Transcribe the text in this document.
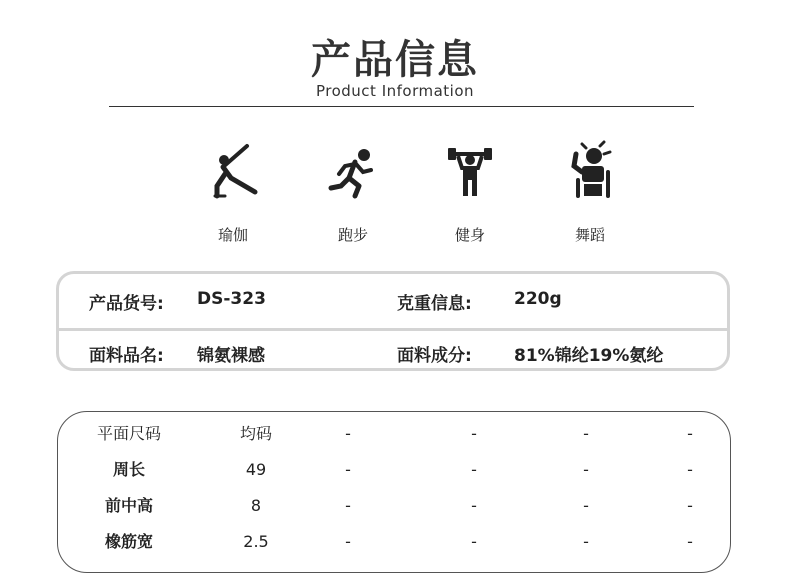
产品信息
Product Information
瑜伽	跑步	健身	舞蹈
产品货号: DS-323	克重信息: 220g
面料品名: 锦氨裸感	面料成分: 81%锦纶19%氨纶
平面尺码	均码	-	-	-	-
周长	49	-	-	-	-
前中高	8	-	-	-	-
橡筋宽	2.5	-	-	-	-
